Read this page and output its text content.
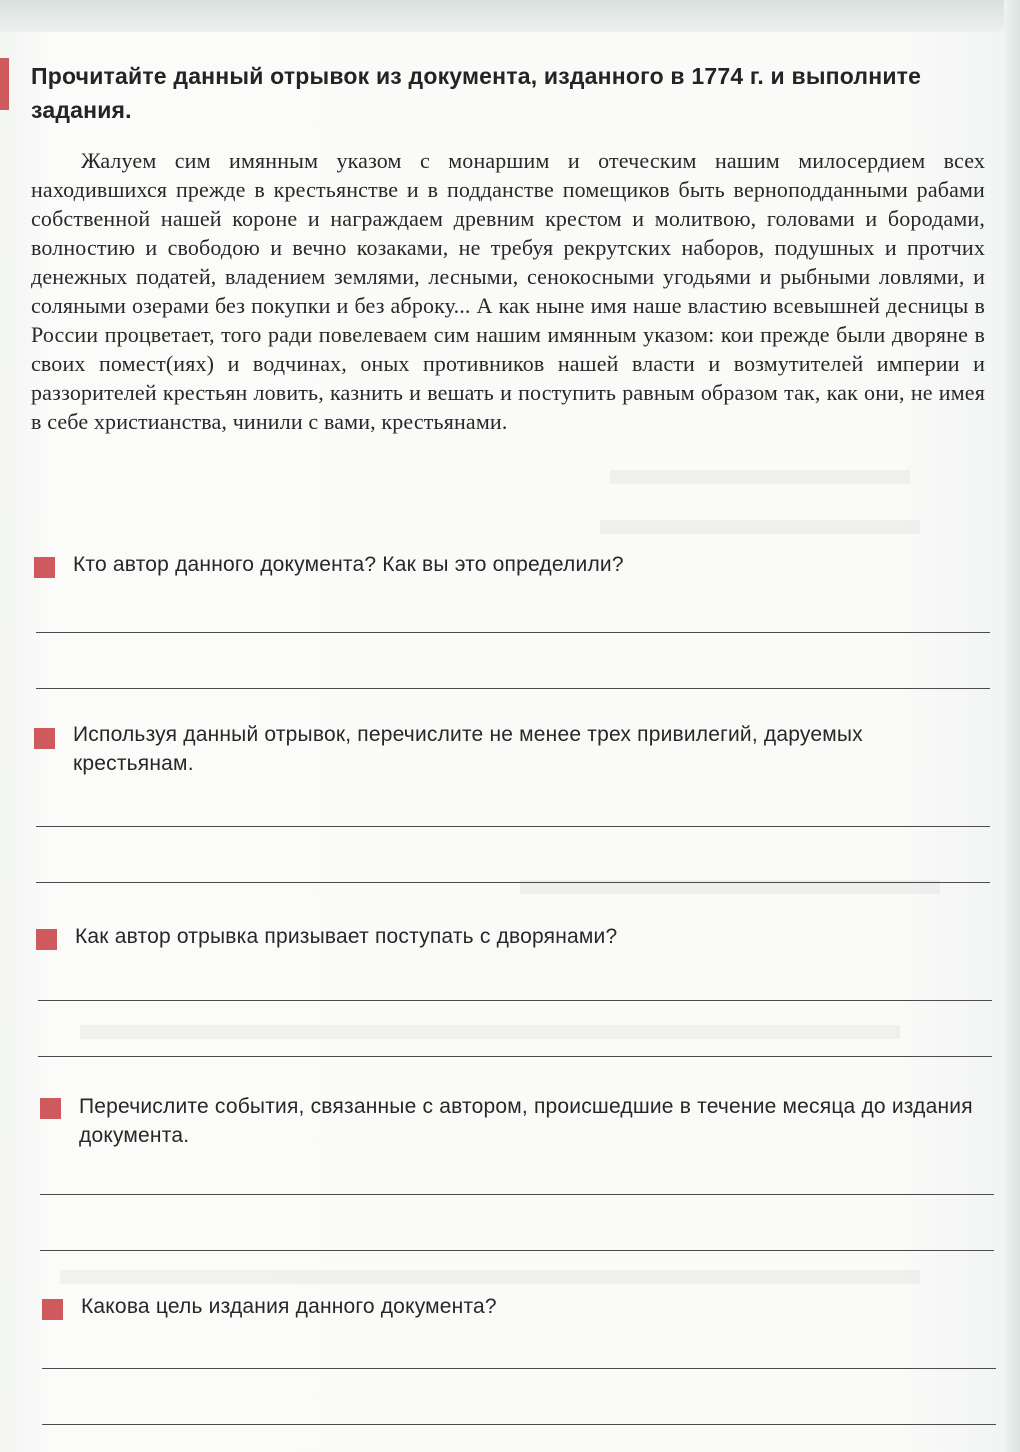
Прочитайте данный отрывок из документа, изданного в 1774 г. и выполните задания.
Жалуем сим имянным указом с монаршим и отеческим нашим милосердием всех находившихся прежде в крестьянстве и в подданстве помещиков быть верноподданными рабами собственной нашей короне и награждаем древним крестом и молитвою, головами и бородами, волностию и свободою и вечно козаками, не требуя рекрутских наборов, подушных и протчих денежных податей, владением землями, лесными, сенокосными угодьями и рыбными ловлями, и соляными озерами без покупки и без аброку... А как ныне имя наше властию всевышней десницы в России процветает, того ради повелеваем сим нашим имянным указом: кои прежде были дворяне в своих помест(иях) и водчинах, оных противников нашей власти и возмутителей империи и раззорителей крестьян ловить, казнить и вешать и поступить равным образом так, как они, не имея в себе христианства, чинили с вами, крестьянами.
Кто автор данного документа? Как вы это определили?
Используя данный отрывок, перечислите не менее трех привилегий, даруемых крестьянам.
Как автор отрывка призывает поступать с дворянами?
Перечислите события, связанные с автором, происшедшие в течение месяца до издания документа.
Какова цель издания данного документа?
